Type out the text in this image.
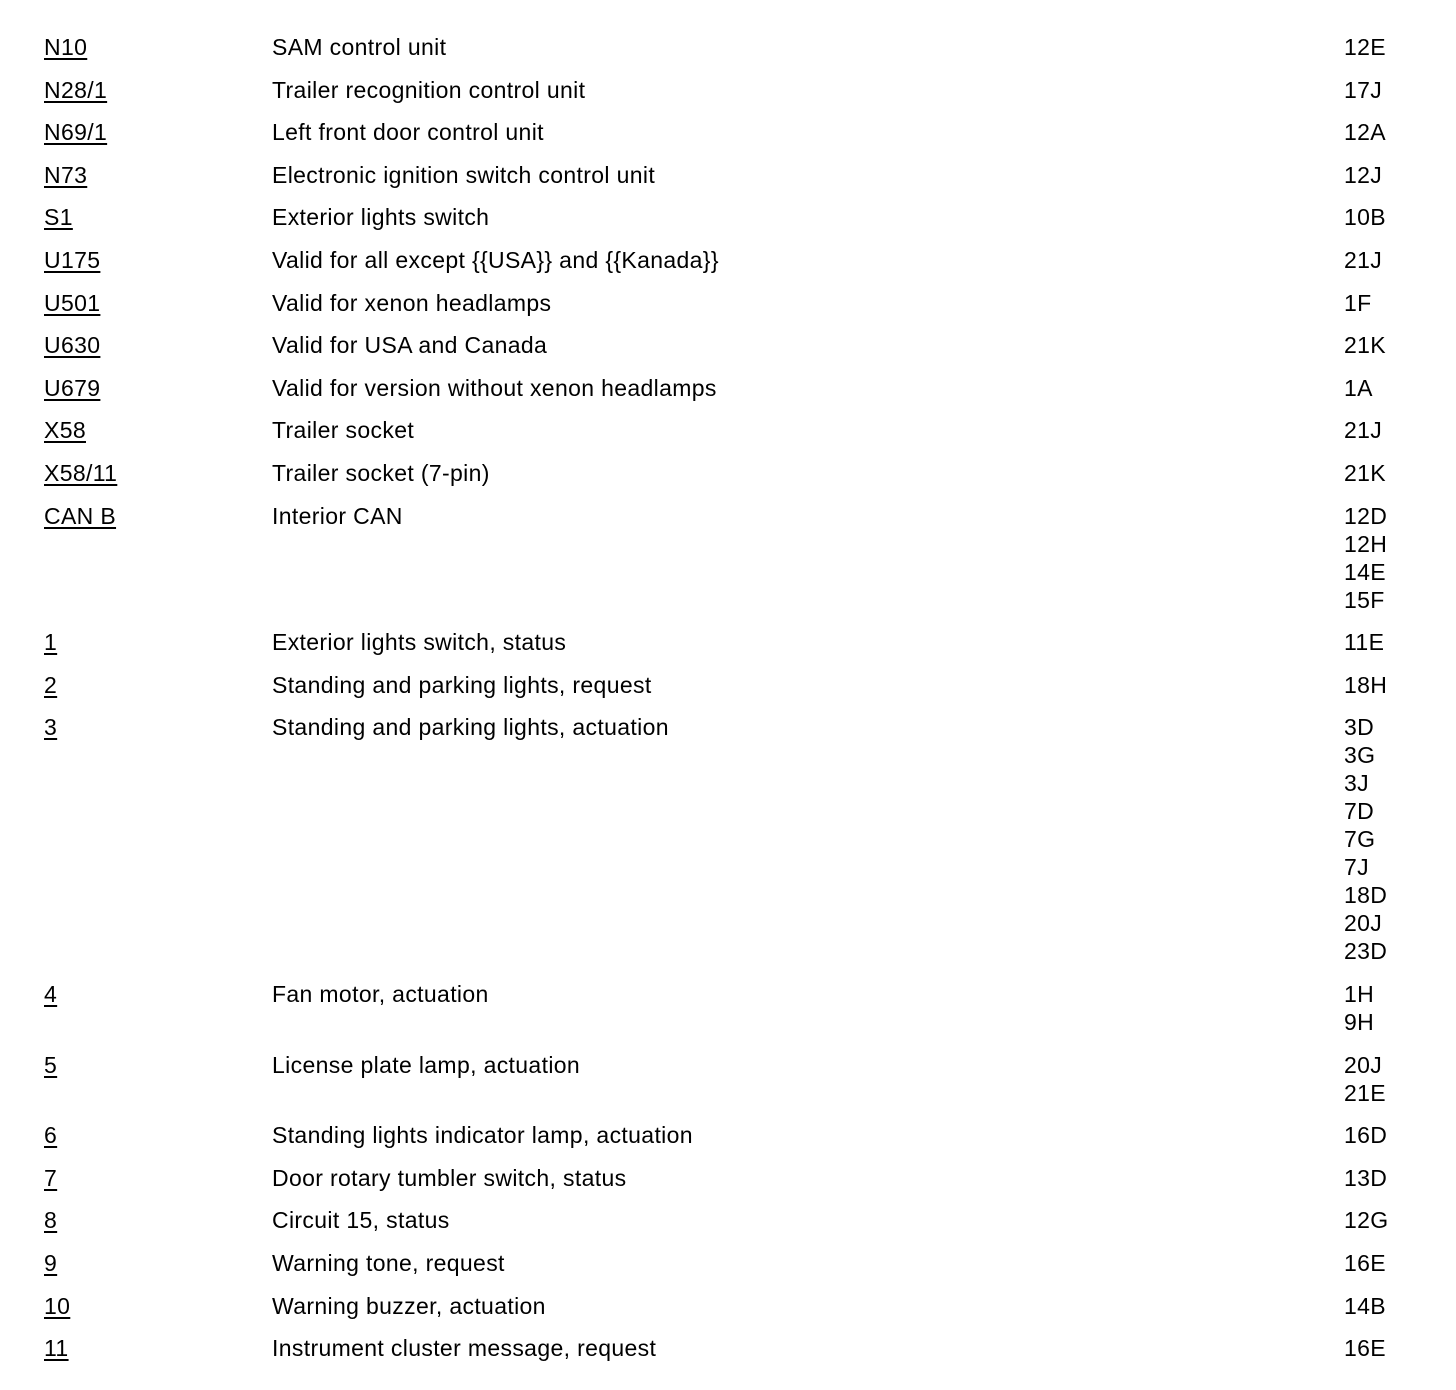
N10	SAM control unit	12E
N28/1	Trailer recognition control unit	17J
N69/1	Left front door control unit	12A
N73	Electronic ignition switch control unit	12J
S1	Exterior lights switch	10B
U175	Valid for all except {{USA}} and {{Kanada}}	21J
U501	Valid for xenon headlamps	1F
U630	Valid for USA and Canada	21K
U679	Valid for version without xenon headlamps	1A
X58	Trailer socket	21J
X58/11	Trailer socket (7-pin)	21K
CAN B	Interior CAN	12D
12H
14E
15F
1	Exterior lights switch, status	11E
2	Standing and parking lights, request	18H
3	Standing and parking lights, actuation	3D
3G
3J
7D
7G
7J
18D
20J
23D
4	Fan motor, actuation	1H
9H
5	License plate lamp, actuation	20J
21E
6	Standing lights indicator lamp, actuation	16D
7	Door rotary tumbler switch, status	13D
8	Circuit 15, status	12G
9	Warning tone, request	16E
10	Warning buzzer, actuation	14B
11	Instrument cluster message, request	16E
